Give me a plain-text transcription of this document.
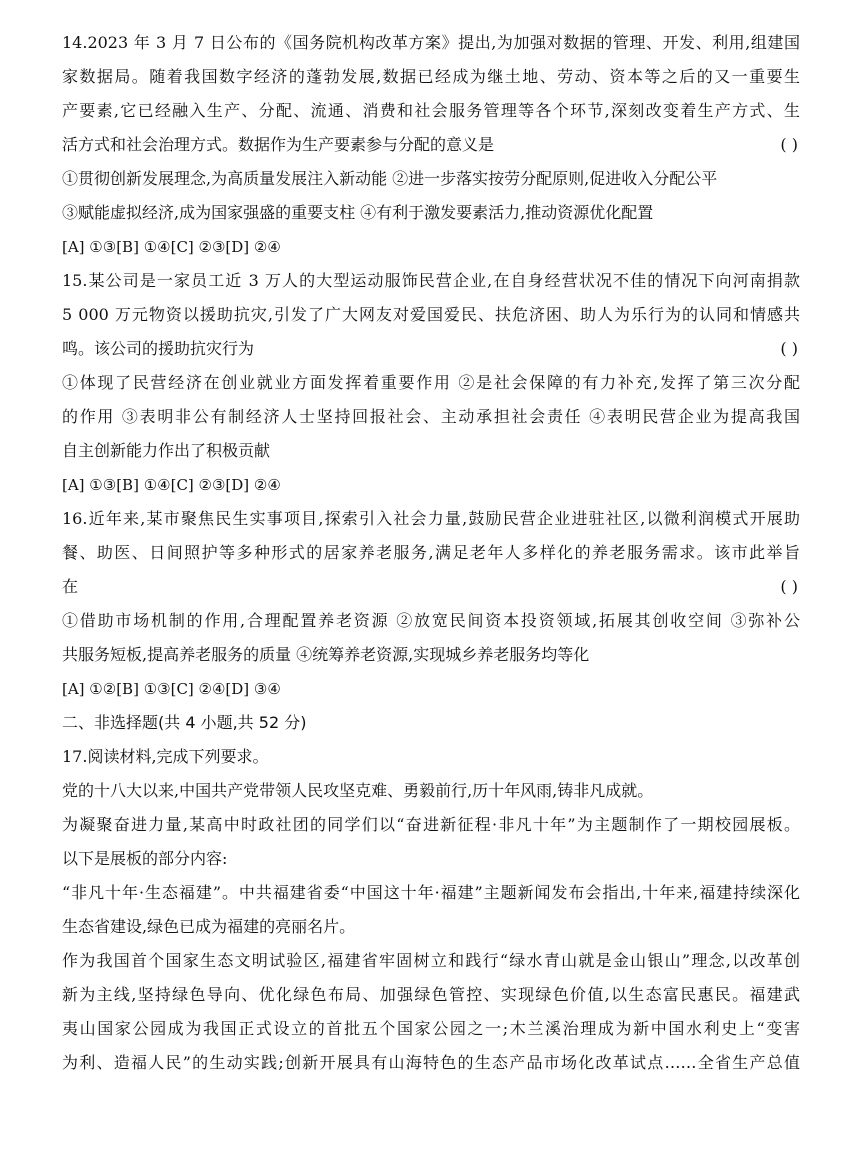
14.2023 年 3 月 7 日公布的《国务院机构改革方案》提出,为加强对数据的管理、开发、利用,组建国
家数据局。随着我国数字经济的蓬勃发展,数据已经成为继土地、劳动、资本等之后的又一重要生
产要素,它已经融入生产、分配、流通、消费和社会服务管理等各个环节,深刻改变着生产方式、生
活方式和社会治理方式。数据作为生产要素参与分配的意义是	( )
①贯彻创新发展理念,为高质量发展注入新动能 ②进一步落实按劳分配原则,促进收入分配公平
③赋能虚拟经济,成为国家强盛的重要支柱 ④有利于激发要素活力,推动资源优化配置
[A] ①③[B] ①④[C] ②③[D] ②④
15.某公司是一家员工近 3 万人的大型运动服饰民营企业,在自身经营状况不佳的情况下向河南捐款
5 000 万元物资以援助抗灾,引发了广大网友对爱国爱民、扶危济困、助人为乐行为的认同和情感共
鸣。该公司的援助抗灾行为	( )
①体现了民营经济在创业就业方面发挥着重要作用 ②是社会保障的有力补充,发挥了第三次分配
的作用 ③表明非公有制经济人士坚持回报社会、主动承担社会责任 ④表明民营企业为提高我国
自主创新能力作出了积极贡献
[A] ①③[B] ①④[C] ②③[D] ②④
16.近年来,某市聚焦民生实事项目,探索引入社会力量,鼓励民营企业进驻社区,以微利润模式开展助
餐、助医、日间照护等多种形式的居家养老服务,满足老年人多样化的养老服务需求。该市此举旨
在	( )
①借助市场机制的作用,合理配置养老资源 ②放宽民间资本投资领域,拓展其创收空间 ③弥补公
共服务短板,提高养老服务的质量 ④统筹养老资源,实现城乡养老服务均等化
[A] ①②[B] ①③[C] ②④[D] ③④
二、非选择题(共 4 小题,共 52 分)
17.阅读材料,完成下列要求。
党的十八大以来,中国共产党带领人民攻坚克难、勇毅前行,历十年风雨,铸非凡成就。
为凝聚奋进力量,某高中时政社团的同学们以“奋进新征程·非凡十年”为主题制作了一期校园展板。
以下是展板的部分内容:
“非凡十年·生态福建”。中共福建省委“中国这十年·福建”主题新闻发布会指出,十年来,福建持续深化
生态省建设,绿色已成为福建的亮丽名片。
作为我国首个国家生态文明试验区,福建省牢固树立和践行“绿水青山就是金山银山”理念,以改革创
新为主线,坚持绿色导向、优化绿色布局、加强绿色管控、实现绿色价值,以生态富民惠民。福建武
夷山国家公园成为我国正式设立的首批五个国家公园之一;木兰溪治理成为新中国水利史上“变害
为利、造福人民”的生动实践;创新开展具有山海特色的生态产品市场化改革试点……全省生产总值
